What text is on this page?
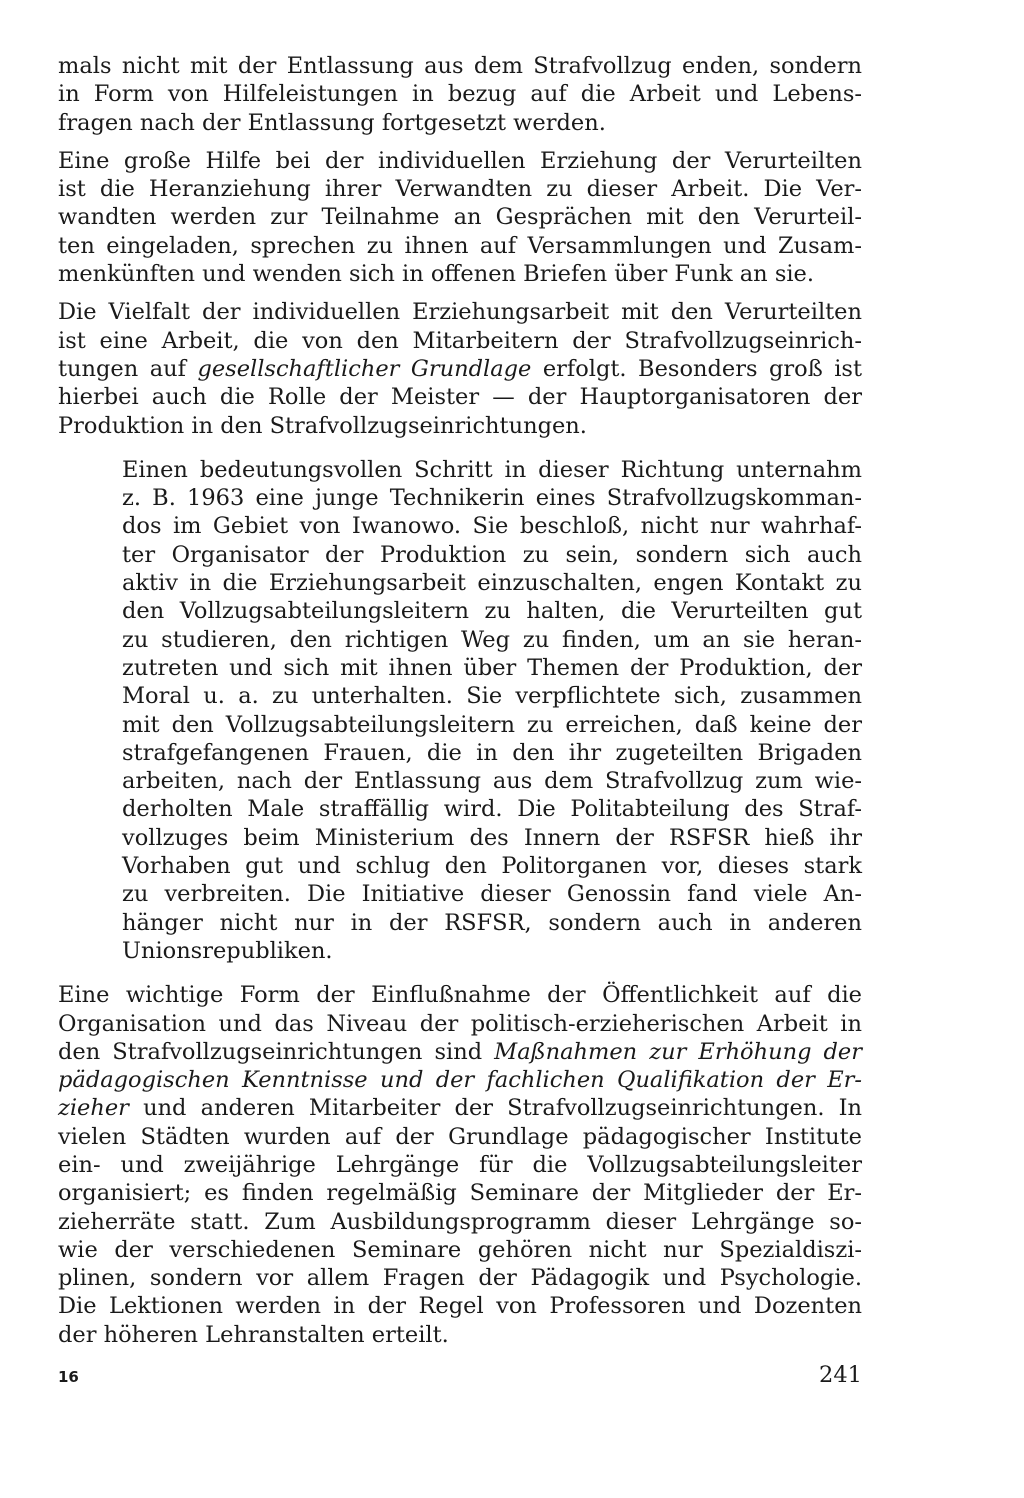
mals nicht mit der Entlassung aus dem Strafvollzug enden, sondern
in Form von Hilfeleistungen in bezug auf die Arbeit und Lebens-
fragen nach der Entlassung fortgesetzt werden.

Eine große Hilfe bei der individuellen Erziehung der Verurteilten
ist die Heranziehung ihrer Verwandten zu dieser Arbeit. Die Ver-
wandten werden zur Teilnahme an Gesprächen mit den Verurteil-
ten eingeladen, sprechen zu ihnen auf Versammlungen und Zusam-
menkünften und wenden sich in offenen Briefen über Funk an sie.

Die Vielfalt der individuellen Erziehungsarbeit mit den Verurteilten
ist eine Arbeit, die von den Mitarbeitern der Strafvollzugseinrich-
tungen auf gesellschaftlicher Grundlage erfolgt. Besonders groß ist
hierbei auch die Rolle der Meister — der Hauptorganisatoren der
Produktion in den Strafvollzugseinrichtungen.

Einen bedeutungsvollen Schritt in dieser Richtung unternahm
z. B. 1963 eine junge Technikerin eines Strafvollzugskomman-
dos im Gebiet von Iwanowo. Sie beschloß, nicht nur wahrhaf-
ter Organisator der Produktion zu sein, sondern sich auch
aktiv in die Erziehungsarbeit einzuschalten, engen Kontakt zu
den Vollzugsabteilungsleitern zu halten, die Verurteilten gut
zu studieren, den richtigen Weg zu finden, um an sie heran-
zutreten und sich mit ihnen über Themen der Produktion, der
Moral u. a. zu unterhalten. Sie verpflichtete sich, zusammen
mit den Vollzugsabteilungsleitern zu erreichen, daß keine der
strafgefangenen Frauen, die in den ihr zugeteilten Brigaden
arbeiten, nach der Entlassung aus dem Strafvollzug zum wie-
derholten Male straffällig wird. Die Politabteilung des Straf-
vollzuges beim Ministerium des Innern der RSFSR hieß ihr
Vorhaben gut und schlug den Politorganen vor, dieses stark
zu verbreiten. Die Initiative dieser Genossin fand viele An-
hänger nicht nur in der RSFSR, sondern auch in anderen
Unionsrepubliken.

Eine wichtige Form der Einflußnahme der Öffentlichkeit auf die
Organisation und das Niveau der politisch-erzieherischen Arbeit in
den Strafvollzugseinrichtungen sind Maßnahmen zur Erhöhung der
pädagogischen Kenntnisse und der fachlichen Qualifikation der Er-
zieher und anderen Mitarbeiter der Strafvollzugseinrichtungen. In
vielen Städten wurden auf der Grundlage pädagogischer Institute
ein- und zweijährige Lehrgänge für die Vollzugsabteilungsleiter
organisiert; es finden regelmäßig Seminare der Mitglieder der Er-
zieherräte statt. Zum Ausbildungsprogramm dieser Lehrgänge so-
wie der verschiedenen Seminare gehören nicht nur Spezialdiszi-
plinen, sondern vor allem Fragen der Pädagogik und Psychologie.
Die Lektionen werden in der Regel von Professoren und Dozenten
der höheren Lehranstalten erteilt.

16	241
